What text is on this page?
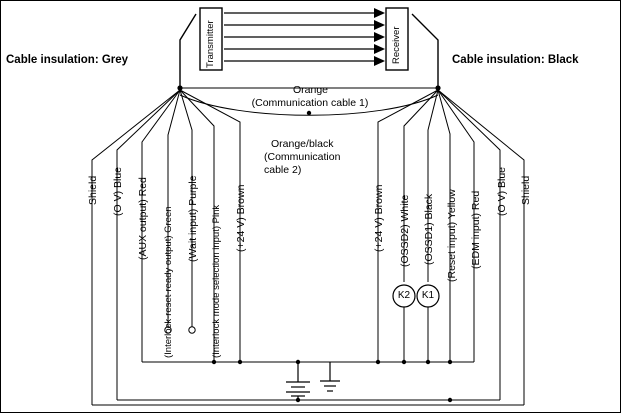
Cable insulation: Grey	Cable insulation: Black
Transmitter	Receiver
Orange
(Communication cable 1)
Orange/black
(Communication
cable 2)
Shield (O V) Blue (AUX output) Red (Interlock-reset-ready output) Green (Wait input) Purple (Interlock mode selection input) Pink (+24 V) Brown	(+24 V) Brown (OSSD2) White (OSSD1) Black (Reset input) Yellow (EDM input) Red (O V) Blue Shield
K2	K1
